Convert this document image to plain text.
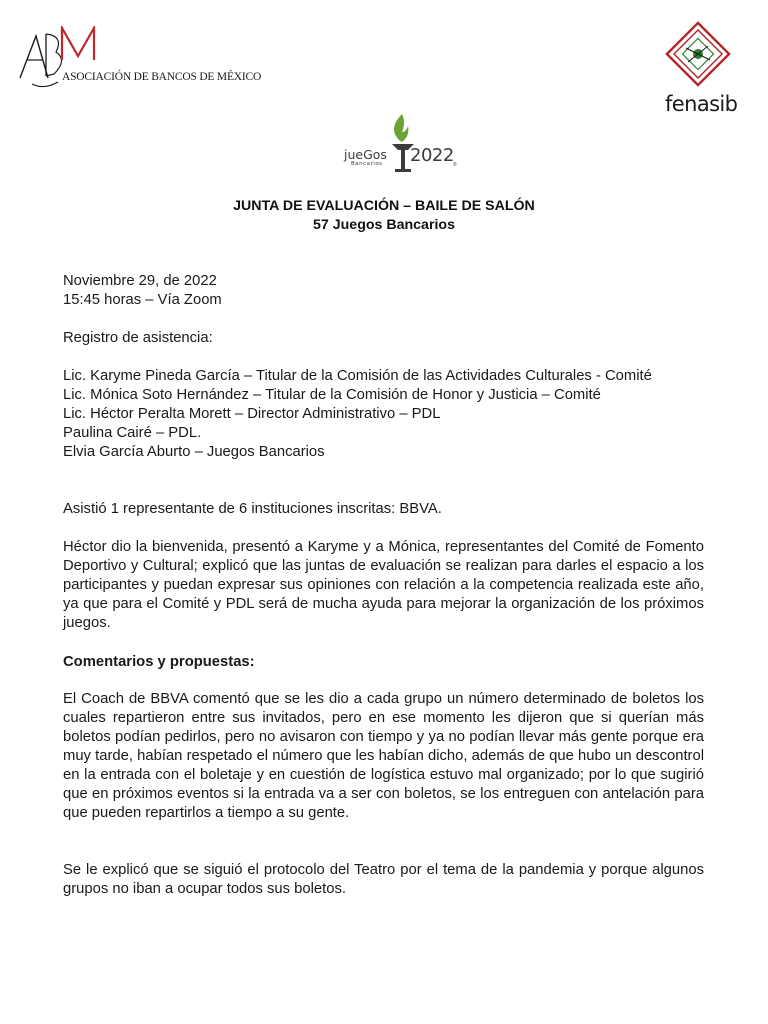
ASOCIACIÓN DE BANCOS DE MÉXICO
fenasib
jueGos
Bancarios 2022 ®
JUNTA DE EVALUACIÓN – BAILE DE SALÓN
57 Juegos Bancarios
Noviembre 29, de 2022
15:45 horas – Vía Zoom
Registro de asistencia:
Lic. Karyme Pineda García – Titular de la Comisión de las Actividades Culturales - Comité
Lic. Mónica Soto Hernández – Titular de la Comisión de Honor y Justicia – Comité
Lic. Héctor Peralta Morett – Director Administrativo – PDL
Paulina Cairé – PDL.
Elvia García Aburto – Juegos Bancarios
Asistió 1 representante de 6 instituciones inscritas: BBVA.
Héctor dio la bienvenida, presentó a Karyme y a Mónica, representantes del Comité de Fomento Deportivo y Cultural; explicó que las juntas de evaluación se realizan para darles el espacio a los participantes y puedan expresar sus opiniones con relación a la competencia realizada este año, ya que para el Comité y PDL será de mucha ayuda para mejorar la organización de los próximos juegos.
Comentarios y propuestas:
El Coach de BBVA comentó que se les dio a cada grupo un número determinado de boletos los cuales repartieron entre sus invitados, pero en ese momento les dijeron que si querían más boletos podían pedirlos, pero no avisaron con tiempo y ya no podían llevar más gente porque era muy tarde, habían respetado el número que les habían dicho, además de que hubo un descontrol en la entrada con el boletaje y en cuestión de logística estuvo mal organizado; por lo que sugirió que en próximos eventos si la entrada va a ser con boletos, se los entreguen con antelación para que pueden repartirlos a tiempo a su gente.
Se le explicó que se siguió el protocolo del Teatro por el tema de la pandemia y porque algunos grupos no iban a ocupar todos sus boletos.
